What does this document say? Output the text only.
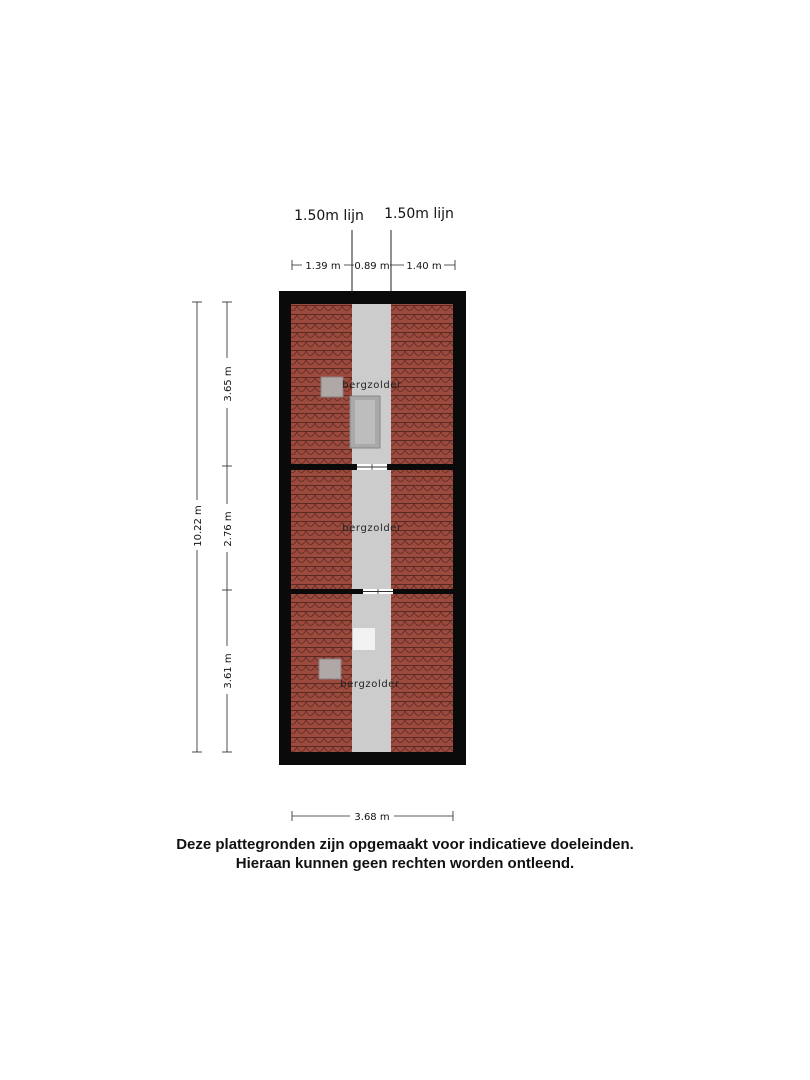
1.50m lijn 1.50m lijn
1.39 m 0.89 m 1.40 m
bergzolder
bergzolder
bergzolder
10.22 m
3.65 m
2.76 m
3.61 m
3.68 m
Deze plattegronden zijn opgemaakt voor indicatieve doeleinden.
Hieraan kunnen geen rechten worden ontleend.
